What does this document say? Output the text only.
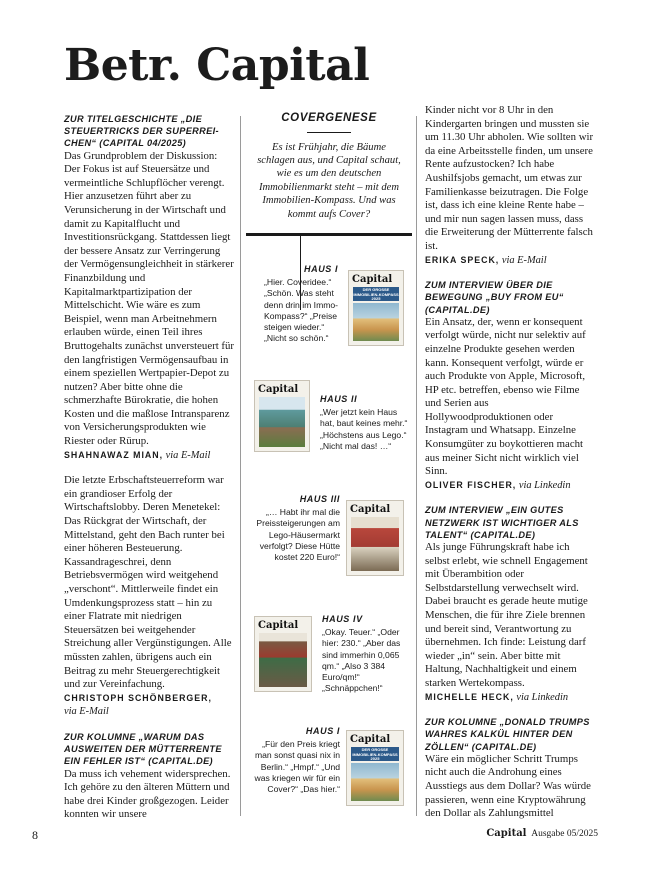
Betr. Capital
ZUR TITELGESCHICHTE „DIE STEUERTRICKS DER SUPERREICHEN“ (CAPITAL 04/2025)

Das Grundproblem der Diskussion: Der Fokus ist auf Steuersätze und vermeintliche Schlupflöcher verengt. Hier anzusetzen führt aber zu Verunsicherung in der Wirtschaft und damit zu Kapitalflucht und Investitionsrückgang. Stattdessen liegt der bessere Ansatz zur Verringerung der Vermögensungleichheit in stärkerer Finanzbildung und Kapitalmarktpartizipation der Mittelschicht. Wie wäre es zum Beispiel, wenn man Arbeitnehmern erlauben würde, einen Teil ihres Bruttogehalts zunächst unversteuert für den langfristigen Vermögensaufbau in einem speziellen Wertpapier-Depot zu nutzen? Aber bitte ohne die schmerzhafte Bürokratie, die hohen Kosten und die maßlose Intransparenz von Versicherungsprodukten wie Riester oder Rürup.

SHAHNAWAZ MIAN, via E-Mail

Die letzte Erbschaftsteuerreform war ein grandioser Erfolg der Wirtschaftslobby. Deren Menetekel: Das Rückgrat der Wirtschaft, der Mittelstand, geht den Bach runter bei einer höheren Besteuerung. Kassandrageschrei, denn Betriebsvermögen wird weitgehend „verschont“. Mittlerweile findet ein Umdenkungsprozess statt – hin zu einer Flatrate mit niedrigen Steuersätzen bei weitgehender Streichung aller Vergünstigungen. Alle müssten zahlen, übrigens auch ein Beitrag zu mehr Steuergerechtigkeit und zur Vereinfachung.

CHRISTOPH SCHÖNBERGER,
via E-Mail
ZUR KOLUMNE „WARUM DAS AUSWEITEN DER MÜTTERRENTE EIN FEHLER IST“ (CAPITAL.DE)

Da muss ich vehement widersprechen. Ich gehöre zu den älteren Müttern und habe drei Kinder großgezogen. Leider konnten wir unsere

COVERGENESE
Es ist Frühjahr, die Bäume schlagen aus, und Capital schaut, wie es um den deutschen Immobilienmarkt steht – mit dem Immobilien-Kompass. Und was kommt aufs Cover?
HAUS I
„Hier. Coveridee.“ „Schön. Was steht denn drin im Immo-Kompass?“ „Preise steigen wieder.“ „Nicht so schön.“
Capital
DER GROSSE IMMOBILIEN-KOMPASS 2025
Capital
HAUS II
„Wer jetzt kein Haus hat, baut keines mehr.“ „Höchstens aus Lego.“ „Nicht mal das! …“
HAUS III
„… Habt ihr mal die Preissteigerungen am Lego-Häusermarkt verfolgt? Diese Hütte kostet 220 Euro!“
Capital
Capital
HAUS IV
„Okay. Teuer.“ „Oder hier: 230.“ „Aber das sind immerhin 0,065 qm.“ „Also 3 384 Euro/qm!“ „Schnäppchen!“
HAUS I
„Für den Preis kriegt man sonst quasi nix in Berlin.“ „Hmpf.“ „Und was kriegen wir für ein Cover?“ „Das hier.“
Capital
DER GROSSE IMMOBILIEN-KOMPASS 2025

Kinder nicht vor 8 Uhr in den Kindergarten bringen und mussten sie um 11.30 Uhr abholen. Wie sollten wir da eine Arbeitsstelle finden, um unsere Rente aufzustocken? Ich habe Aushilfsjobs gemacht, um etwas zur Familienkasse beizutragen. Die Folge ist, dass ich eine kleine Rente habe – und mir nun sagen lassen muss, dass die Erweiterung der Mütterrente falsch ist.

ERIKA SPECK, via E-Mail
ZUM INTERVIEW ÜBER DIE BEWEGUNG „BUY FROM EU“ (CAPITAL.DE)

Ein Ansatz, der, wenn er konsequent verfolgt würde, nicht nur selektiv auf einzelne Produkte gesehen werden kann. Konsequent verfolgt, würde er auch Produkte von Apple, Microsoft, HP etc. betreffen, ebenso wie Filme und Serien aus Hollywoodproduktionen oder Instagram und Whatsapp. Einzelne Konsumgüter zu boykottieren macht aus meiner Sicht nicht wirklich viel Sinn.

OLIVER FISCHER, via Linkedin
ZUM INTERVIEW „EIN GUTES NETZWERK IST WICHTIGER ALS TALENT“ (CAPITAL.DE)

Als junge Führungskraft habe ich selbst erlebt, wie schnell Engagement mit Überambition oder Selbstdarstellung verwechselt wird. Dabei braucht es gerade heute mutige Menschen, die für ihre Ziele brennen und bereit sind, Verantwortung zu übernehmen. Ich finde: Leistung darf wieder „in“ sein. Aber bitte mit Haltung, Nachhaltigkeit und einem starken Wertekompass.

MICHELLE HECK, via Linkedin
ZUR KOLUMNE „DONALD TRUMPS WAHRES KALKÜL HINTER DEN ZÖLLEN“ (CAPITAL.DE)

Wäre ein möglicher Schritt Trumps nicht auch die Androhung eines Ausstiegs aus dem Dollar? Was würde passieren, wenn eine Kryptowährung den Dollar als Zahlungsmittel

8	Capital Ausgabe 05/2025
